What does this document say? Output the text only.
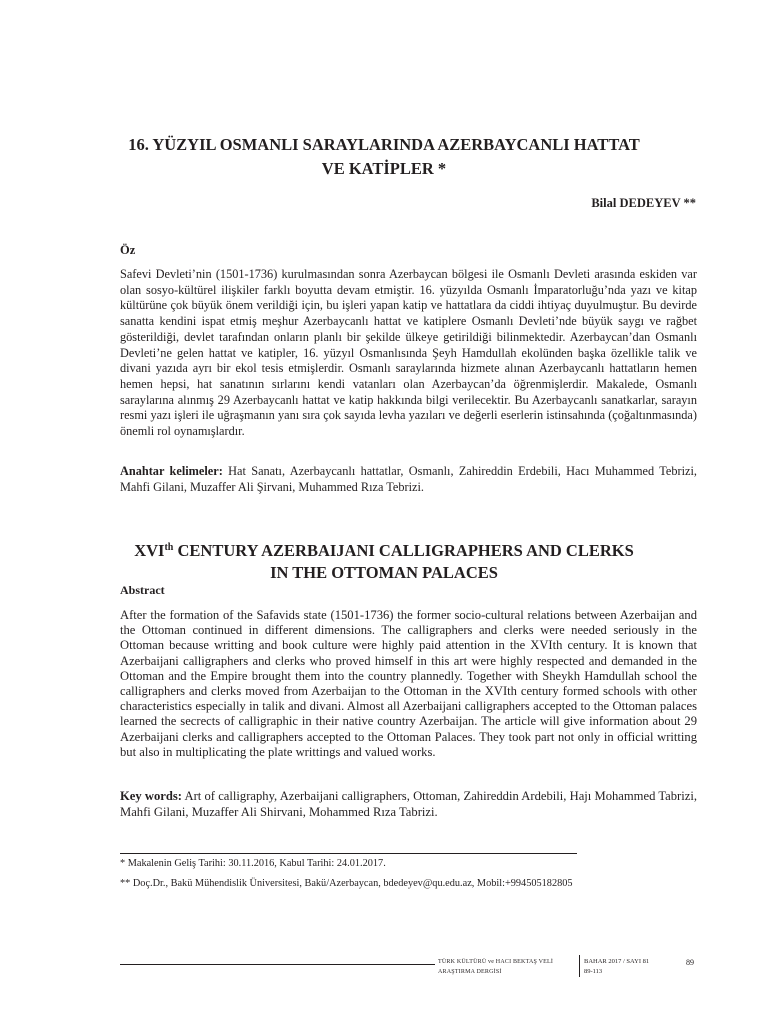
16. YÜZYIL OSMANLI SARAYLARINDA AZERBAYCANLI HATTAT
VE KATİPLER *
Bilal DEDEYEV **
Öz

Safevi Devleti’nin (1501-1736) kurulmasından sonra Azerbaycan bölgesi ile Osmanlı Devleti arasında eskiden var olan sosyo-kültürel ilişkiler farklı boyutta devam etmiştir. 16. yüzyılda Osmanlı İmparatorluğu’nda yazı ve kitap kültürüne çok büyük önem verildiği için, bu işleri yapan katip ve hattatlara da ciddi ihtiyaç duyulmuştur. Bu devirde sanatta kendini ispat etmiş meşhur Azerbaycanlı hattat ve katiplere Osmanlı Devleti’nde büyük saygı ve rağbet gösterildiği, devlet tarafından onların planlı bir şekilde ülkeye getirildiği bilinmektedir. Azerbaycan’dan Osmanlı Devleti’ne gelen hattat ve katipler, 16. yüzyıl Osmanlısında Şeyh Hamdullah ekolünden başka özellikle talik ve divani yazıda ayrı bir ekol tesis etmişlerdir. Osmanlı saraylarında hizmete alınan Azerbaycanlı hattatların hemen hemen hepsi, hat sanatının sırlarını kendi vatanları olan Azerbaycan’da öğrenmişlerdir. Makalede, Osmanlı saraylarına alınmış 29 Azerbaycanlı hattat ve katip hakkında bilgi verilecektir. Bu Azerbaycanlı sanatkarlar, sarayın resmi yazı işleri ile uğraşmanın yanı sıra çok sayıda levha yazıları ve değerli eserlerin istinsahında (çoğaltınmasında) önemli rol oynamışlardır.

Anahtar kelimeler: Hat Sanatı, Azerbaycanlı hattatlar, Osmanlı, Zahireddin Erdebili, Hacı Muhammed Tebrizi, Mahfi Gilani, Muzaffer Ali Şirvani, Muhammed Rıza Tebrizi.

XVIth CENTURY AZERBAIJANI CALLIGRAPHERS AND CLERKS
IN THE OTTOMAN PALACES
Abstract

After the formation of the Safavids state (1501-1736) the former socio-cultural relations between Azerbaijan and the Ottoman continued in different dimensions. The calligraphers and clerks were needed seriously in the Ottoman because writting and book culture were highly paid attention in the XVIth century. It is known that Azerbaijani calligraphers and clerks who proved himself in this art were highly respected and demanded in the Ottoman and the Empire brought them into the country plannedly. Together with Sheykh Hamdullah school the calligraphers and clerks moved from Azerbaijan to the Ottoman in the XVIth century formed schools with other characteristics especially in talik and divani. Almost all Azerbaijani calligraphers accepted to the Ottoman palaces learned the secrects of calligraphic in their native country Azerbaijan. The article will give information about 29 Azerbaijani clerks and calligraphers accepted to the Ottoman Palaces. They took part not only in official writting but also in multiplicating the plate writtings and valued works.

Key words: Art of calligraphy, Azerbaijani calligraphers, Ottoman, Zahireddin Ardebili, Hajı Mohammed Tabrizi, Mahfi Gilani, Muzaffer Ali Shirvani, Mohammed Rıza Tabrizi.

* Makalenin Geliş Tarihi: 30.11.2016, Kabul Tarihi: 24.01.2017.
** Doç.Dr., Bakü Mühendislik Üniversitesi, Bakü/Azerbaycan, bdedeyev@qu.edu.az, Mobil:+994505182805
TÜRK KÜLTÜRÜ ve HACI BEKTAŞ VELİ
ARAŞTIRMA DERGİSİ
BAHAR 2017 / SAYI 81
89-113
89
